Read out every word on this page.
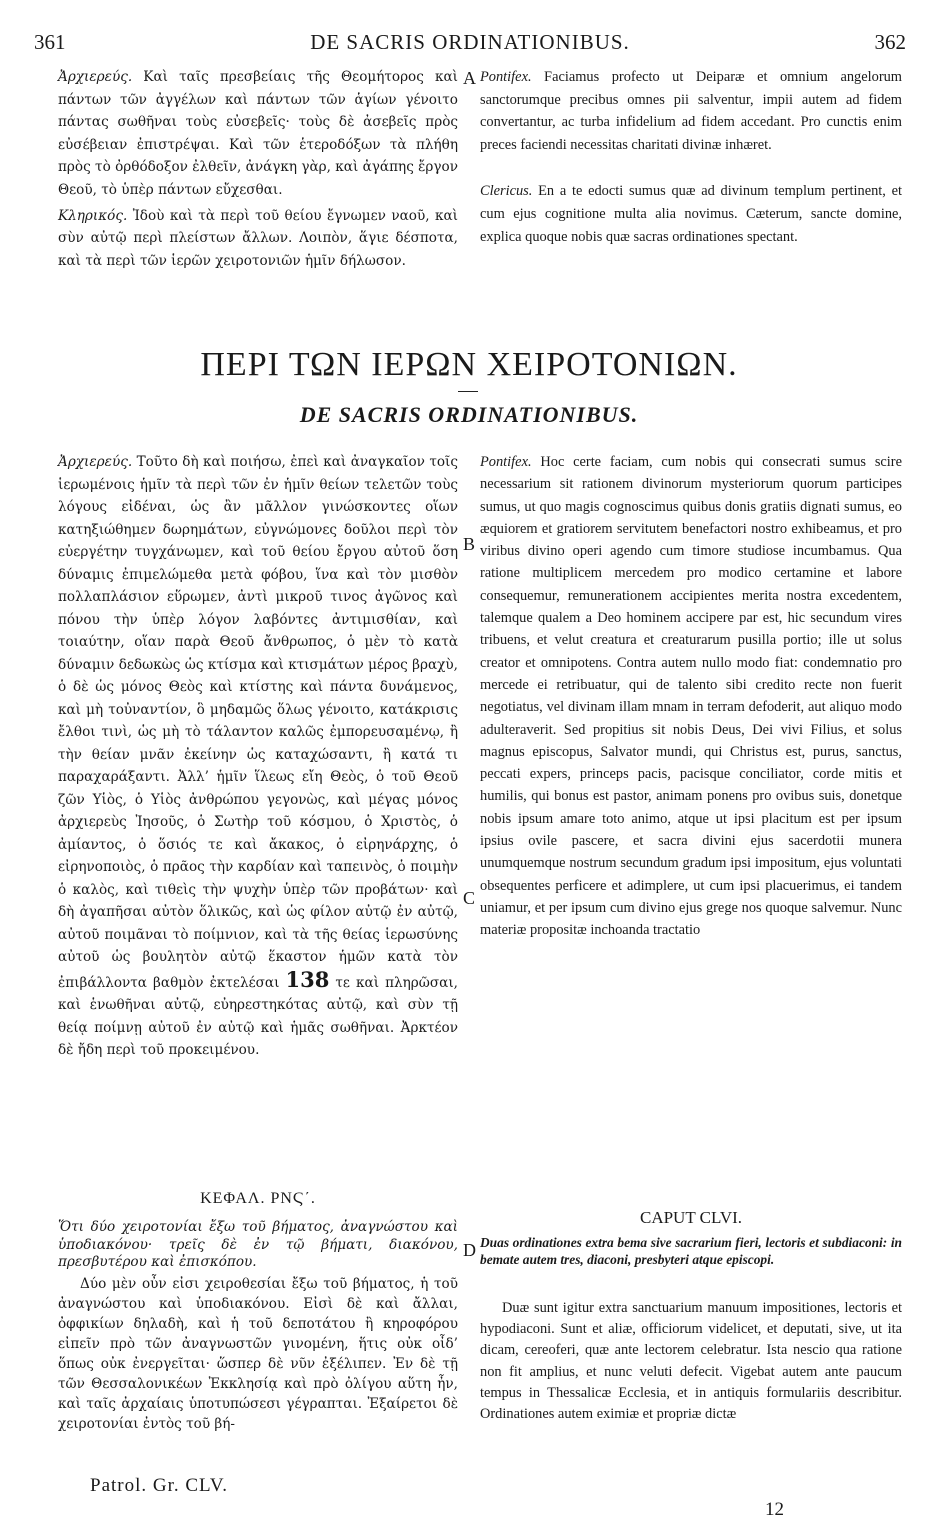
361	DE SACRIS ORDINATIONIBUS.	362

Ἀρχιερεύς. Καὶ ταῖς πρεσβείαις τῆς Θεομήτορος καὶ πάντων τῶν ἀγγέλων καὶ πάντων τῶν ἁγίων γένοιτο πάντας σωθῆναι τοὺς εὐσεβεῖς· τοὺς δὲ ἀσεβεῖς πρὸς εὐσέβειαν ἐπιστρέψαι. Καὶ τῶν ἑτεροδόξων τὰ πλήθη πρὸς τὸ ὀρθόδοξον ἐλθεῖν, ἀνάγκη γὰρ, καὶ ἀγάπης ἔργον Θεοῦ, τὸ ὑπὲρ πάντων εὔχεσθαι.

Κληρικός. Ἰδοὺ καὶ τὰ περὶ τοῦ θείου ἔγνωμεν ναοῦ, καὶ σὺν αὐτῷ περὶ πλείστων ἄλλων. Λοιπὸν, ἅγιε δέσποτα, καὶ τὰ περὶ τῶν ἱερῶν χειροτονιῶν ἡμῖν δήλωσον.

A Pontifex. Faciamus profecto ut Deiparæ et omnium angelorum sanctorumque precibus omnes pii salventur, impii autem ad fidem convertantur, ac turba infidelium ad fidem accedant. Pro cunctis enim preces faciendi necessitas charitati divinæ inhæret.

Clericus. En a te edocti sumus quæ ad divinum templum pertinent, et cum ejus cognitione multa alia novimus. Cæterum, sancte domine, explica quoque nobis quæ sacras ordinationes spectant.

ΠΕΡΙ ΤΩΝ ΙΕΡΩΝ ΧΕΙΡΟΤΟΝΙΩΝ.
DE SACRIS ORDINATIONIBUS.

Ἀρχιερεύς. Τοῦτο δὴ καὶ ποιήσω, ἐπεὶ καὶ ἀναγκαῖον τοῖς ἱερωμένοις ἡμῖν τὰ περὶ τῶν ἐν ἡμῖν θείων τελετῶν τοὺς λόγους εἰδέναι, ὡς ἂν μᾶλλον γινώσκοντες οἵων κατηξιώθημεν δωρημάτων, εὐγνώμονες δοῦλοι περὶ τὸν εὐεργέτην τυγχάνωμεν, καὶ τοῦ θείου ἔργου αὐτοῦ ὅση δύναμις ἐπιμελώμεθα μετὰ φόβου, ἵνα καὶ τὸν μισθὸν πολλαπλάσιον εὕρωμεν, ἀντὶ μικροῦ τινος ἀγῶνος καὶ πόνου τὴν ὑπὲρ λόγον λαβόντες ἀντιμισθίαν, καὶ τοιαύτην, οἵαν παρὰ Θεοῦ ἄνθρωπος, ὁ μὲν τὸ κατὰ δύναμιν δεδωκὼς ὡς κτίσμα καὶ κτισμάτων μέρος βραχὺ, ὁ δὲ ὡς μόνος Θεὸς καὶ κτίστης καὶ πάντα δυνάμενος, καὶ μὴ τοὐναντίον, ὃ μηδαμῶς ὅλως γένοιτο, κατάκρισις ἔλθοι τινὶ, ὡς μὴ τὸ τάλαντον καλῶς ἐμπορευσαμένῳ, ἢ τὴν θείαν μνᾶν ἐκείνην ὡς καταχώσαντι, ἢ κατά τι παραχαράξαντι. Ἀλλ’ ἡμῖν ἵλεως εἴη Θεὸς, ὁ τοῦ Θεοῦ ζῶν Υἱὸς, ὁ Υἱὸς ἀνθρώπου γεγονὼς, καὶ μέγας μόνος ἀρχιερεὺς Ἰησοῦς, ὁ Σωτὴρ τοῦ κόσμου, ὁ Χριστὸς, ὁ ἀμίαντος, ὁ ὅσιός τε καὶ ἄκακος, ὁ εἰρηνάρχης, ὁ εἰρηνοποιὸς, ὁ πρᾶος τὴν καρδίαν καὶ ταπεινὸς, ὁ ποιμὴν ὁ καλὸς, καὶ τιθεὶς τὴν ψυχὴν ὑπὲρ τῶν προβάτων· καὶ δὴ ἀγαπῆσαι αὐτὸν ὅλικῶς, καὶ ὡς φίλον αὐτῷ ἐν αὐτῷ, αὐτοῦ ποιμᾶναι τὸ ποίμνιον, καὶ τὰ τῆς θείας ἱερωσύνης αὐτοῦ ὡς βουλητὸν αὐτῷ ἕκαστον ἡμῶν κατὰ τὸν ἐπιβάλλοντα βαθμὸν ἐκτελέσαι 138 τε καὶ πληρῶσαι, καὶ ἑνωθῆναι αὐτῷ, εὐηρεστηκότας αὐτῷ, καὶ σὺν τῇ θείᾳ ποίμνῃ αὐτοῦ ἐν αὐτῷ καὶ ἡμᾶς σωθῆναι. Ἀρκτέον δὲ ἤδη περὶ τοῦ προκειμένου.

B
C
D

Pontifex. Hoc certe faciam, cum nobis qui consecrati sumus scire necessarium sit rationem divinorum mysteriorum quorum participes sumus, ut quo magis cognoscimus quibus donis gratiis dignati sumus, eo æquiorem et gratiorem servitutem benefactori nostro exhibeamus, et pro viribus divino operi agendo cum timore studiose incumbamus. Qua ratione multiplicem mercedem pro modico certamine et labore consequemur, remunerationem accipientes merita nostra excedentem, talemque qualem a Deo hominem accipere par est, hic secundum vires tribuens, et velut creatura et creaturarum pusilla portio; ille ut solus creator et omnipotens. Contra autem nullo modo fiat: condemnatio pro mercede ei retribuatur, qui de talento sibi credito recte non fuerit negotiatus, vel divinam illam mnam in terram defoderit, aut aliquo modo adulteraverit. Sed propitius sit nobis Deus, Dei vivi Filius, et solus magnus episcopus, Salvator mundi, qui Christus est, purus, sanctus, peccati expers, princeps pacis, pacisque conciliator, corde mitis et humilis, qui bonus est pastor, animam ponens pro ovibus suis, donetque nobis ipsum amare toto animo, atque ut ipsi placitum est per ipsum ipsius ovile pascere, et sacra divini ejus sacerdotii munera unumquemque nostrum secundum gradum ipsi impositum, ejus voluntati obsequentes perficere et adimplere, ut cum ipsi placuerimus, ei tandem uniamur, et per ipsum cum divino ejus grege nos quoque salvemur. Nunc materiæ propositæ inchoanda tractatio

ΚΕΦΑΛ. ΡΝϚ΄.
CAPUT CLVI.
Ὅτι δύο χειροτονίαι ἔξω τοῦ βήματος, ἀναγνώστου καὶ ὑποδιακόνου· τρεῖς δὲ ἐν τῷ βήματι, διακόνου, πρεσβυτέρου καὶ ἐπισκόπου.
Duas ordinationes extra bema sive sacrarium fieri, lectoris et subdiaconi: in bemate autem tres, diaconi, presbyteri atque episcopi.
Δύο μὲν οὖν εἰσι χειροθεσίαι ἔξω τοῦ βήματος, ἡ τοῦ ἀναγνώστου καὶ ὑποδιακόνου. Εἰσὶ δὲ καὶ ἄλλαι, ὀφφικίων δηλαδὴ, καὶ ἡ τοῦ δεποτάτου ἢ κηροφόρου εἰπεῖν πρὸ τῶν ἀναγνωστῶν γινομένη, ἥτις οὐκ οἶδ’ ὅπως οὐκ ἐνεργεῖται· ὥσπερ δὲ νῦν ἐξέλιπεν. Ἐν δὲ τῇ τῶν Θεσσαλονικέων Ἐκκλησίᾳ καὶ πρὸ ὀλίγου αὕτη ἦν, καὶ ταῖς ἀρχαίαις ὑποτυπώσεσι γέγραπται. Ἐξαίρετοι δὲ χειροτονίαι ἐντὸς τοῦ βή-
Duæ sunt igitur extra sanctuarium manuum impositiones, lectoris et hypodiaconi. Sunt et aliæ, officiorum videlicet, et deputati, sive, ut ita dicam, cereoferi, quæ ante lectorem celebratur. Ista nescio qua ratione non fit amplius, et nunc veluti defecit. Vigebat autem ante paucum tempus in Thessalicæ Ecclesia, et in antiquis formulariis describitur. Ordinationes autem eximiæ et propriæ dictæ
Patrol. Gr. CLV.
12
